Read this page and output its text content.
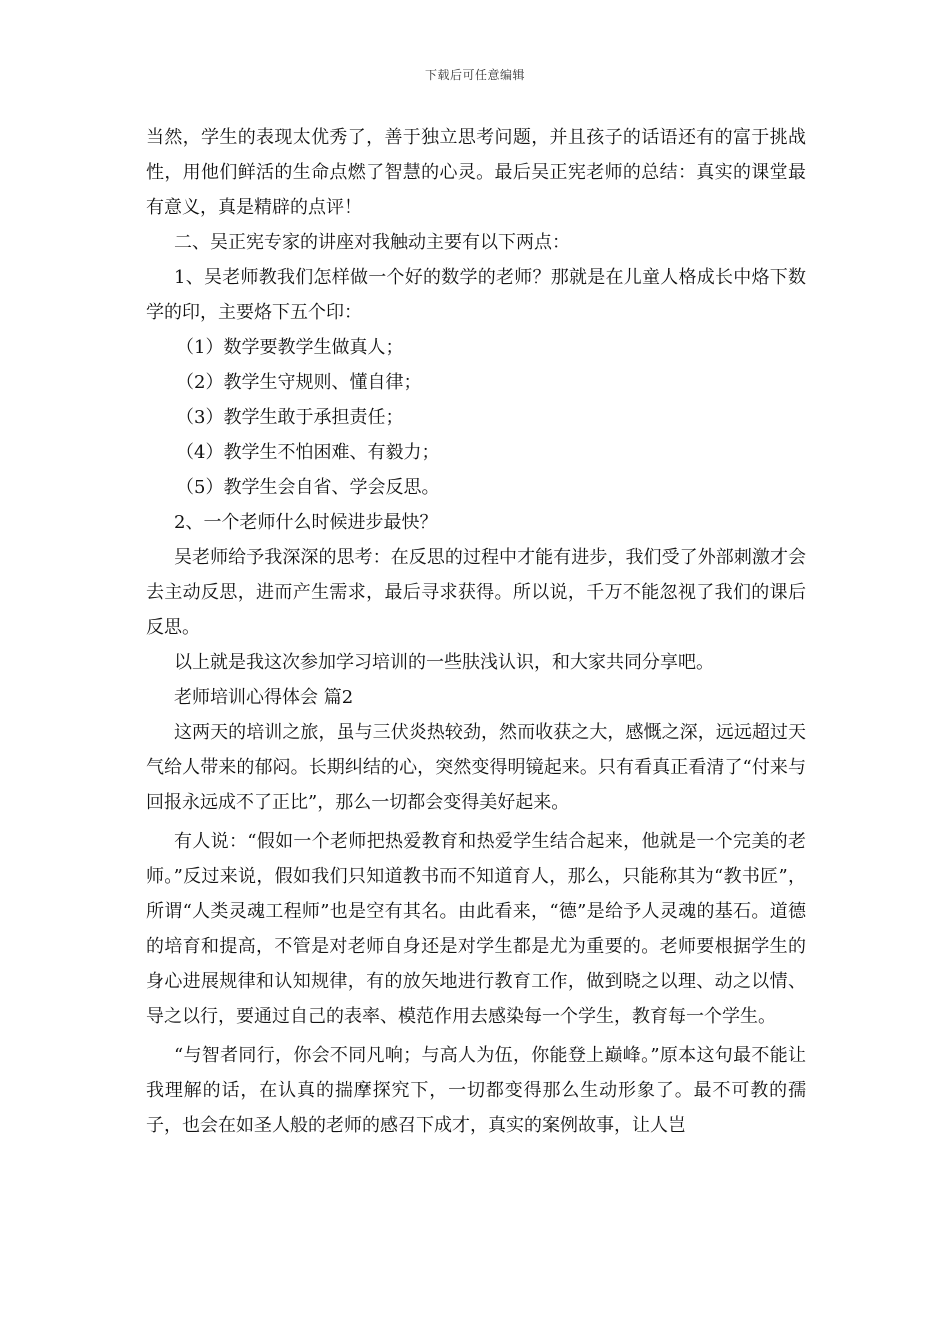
下载后可任意编辑

当然，学生的表现太优秀了，善于独立思考问题，并且孩子的话语还有的富于挑战性，用他们鲜活的生命点燃了智慧的心灵。最后吴正宪老师的总结：真实的课堂最有意义，真是精辟的点评！

二、吴正宪专家的讲座对我触动主要有以下两点：

1、吴老师教我们怎样做一个好的数学的老师？那就是在儿童人格成长中烙下数学的印，主要烙下五个印：

（1）数学要教学生做真人；

（2）教学生守规则、懂自律；

（3）教学生敢于承担责任；

（4）教学生不怕困难、有毅力；

（5）教学生会自省、学会反思。

2、一个老师什么时候进步最快？

吴老师给予我深深的思考：在反思的过程中才能有进步，我们受了外部刺激才会去主动反思，进而产生需求，最后寻求获得。所以说，千万不能忽视了我们的课后反思。

以上就是我这次参加学习培训的一些肤浅认识，和大家共同分享吧。

老师培训心得体会 篇2

这两天的培训之旅，虽与三伏炎热较劲，然而收获之大，感慨之深，远远超过天气给人带来的郁闷。长期纠结的心，突然变得明镜起来。只有看真正看清了“付来与回报永远成不了正比”，那么一切都会变得美好起来。

有人说：“假如一个老师把热爱教育和热爱学生结合起来，他就是一个完美的老师。”反过来说，假如我们只知道教书而不知道育人，那么，只能称其为“教书匠”，所谓“人类灵魂工程师”也是空有其名。由此看来，“德”是给予人灵魂的基石。道德的培育和提高，不管是对老师自身还是对学生都是尤为重要的。老师要根据学生的身心进展规律和认知规律，有的放矢地进行教育工作，做到晓之以理、动之以情、导之以行，要通过自己的表率、模范作用去感染每一个学生，教育每一个学生。

“与智者同行，你会不同凡响；与高人为伍，你能登上巅峰。”原本这句最不能让我理解的话，在认真的揣摩探究下，一切都变得那么生动形象了。最不可教的孺子，也会在如圣人般的老师的感召下成才，真实的案例故事，让人岂
